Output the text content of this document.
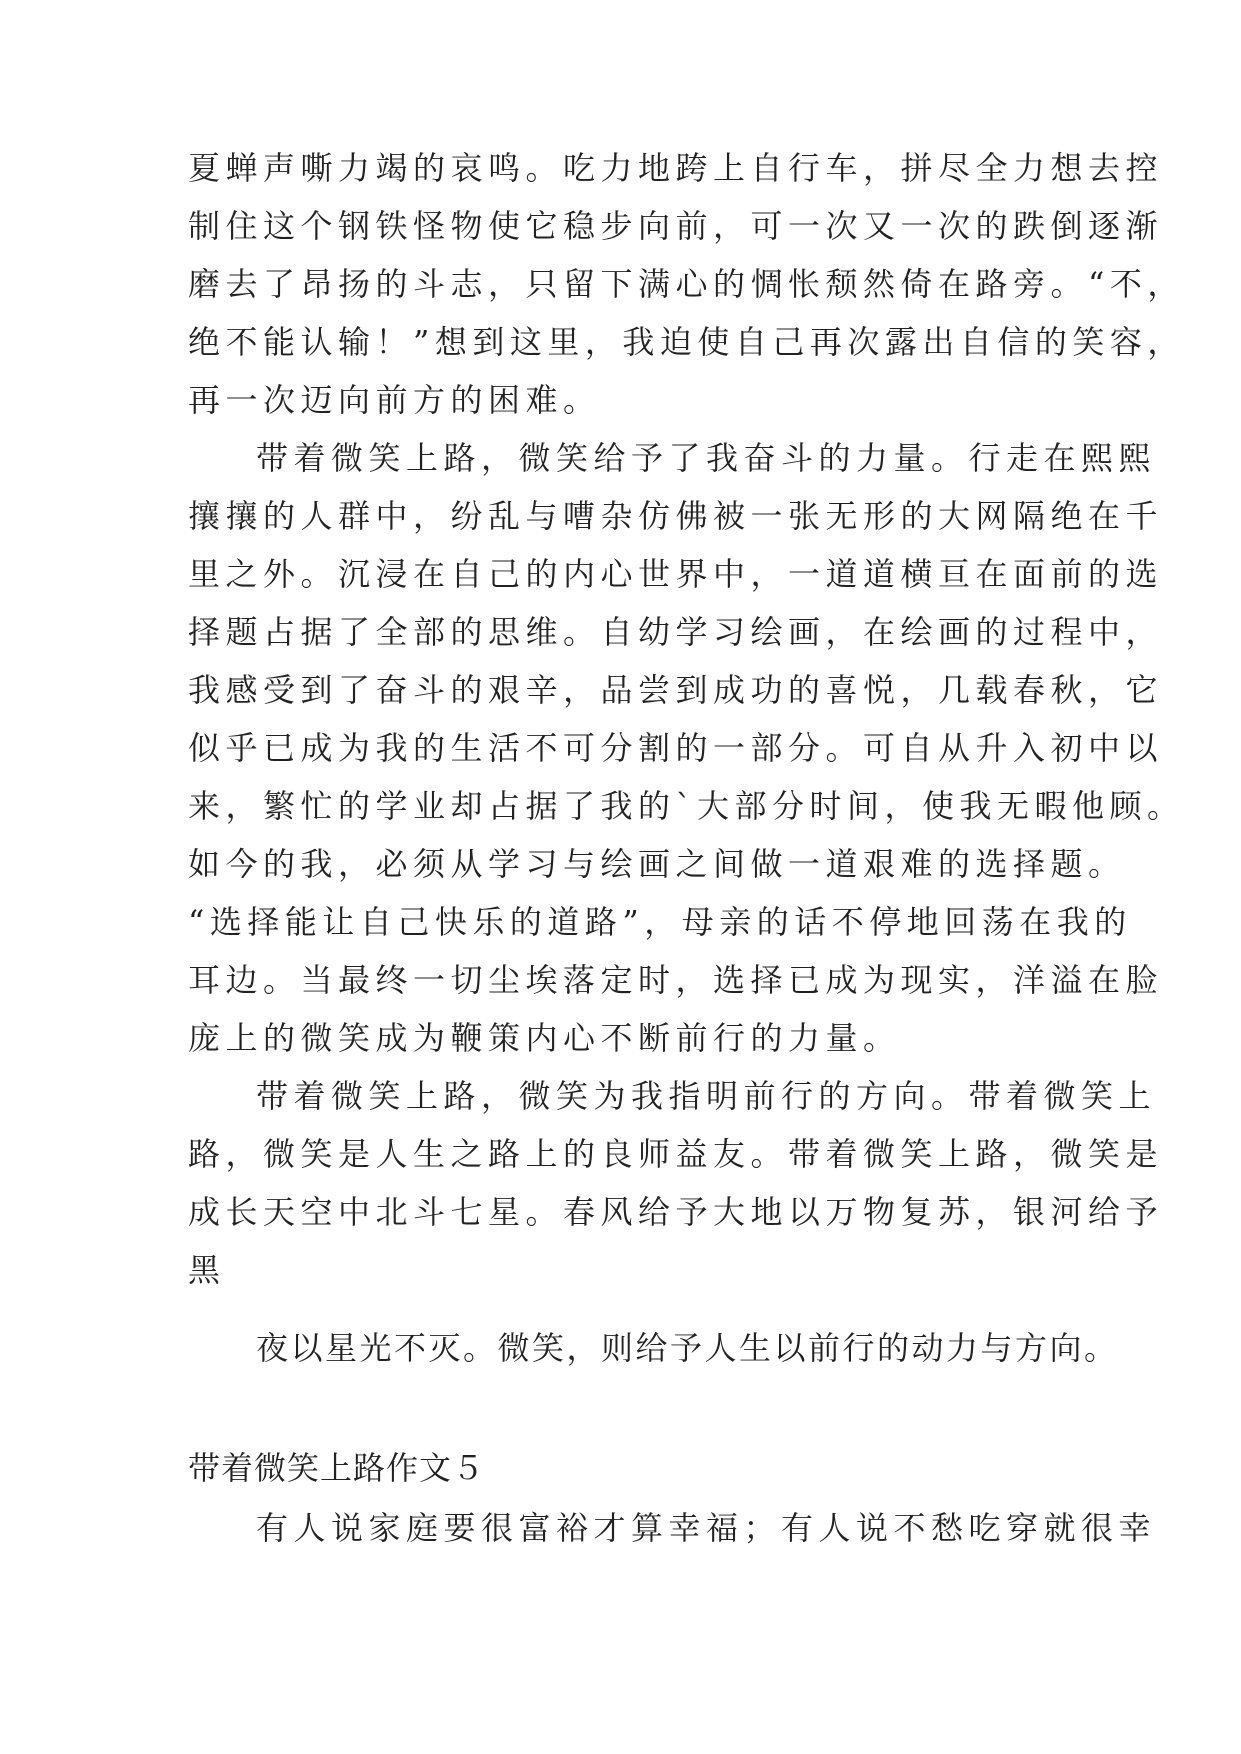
夏蝉声嘶力竭的哀鸣。吃力地跨上自行车，拼尽全力想去控
制住这个钢铁怪物使它稳步向前，可一次又一次的跌倒逐渐
磨去了昂扬的斗志，只留下满心的惆怅颓然倚在路旁。“不，
绝不能认输！”想到这里，我迫使自己再次露出自信的笑容，
再一次迈向前方的困难。
带着微笑上路，微笑给予了我奋斗的力量。行走在熙熙
攘攘的人群中，纷乱与嘈杂仿佛被一张无形的大网隔绝在千
里之外。沉浸在自己的内心世界中，一道道横亘在面前的选
择题占据了全部的思维。自幼学习绘画，在绘画的过程中，
我感受到了奋斗的艰辛，品尝到成功的喜悦，几载春秋，它
似乎已成为我的生活不可分割的一部分。可自从升入初中以
来，繁忙的学业却占据了我的`大部分时间，使我无暇他顾。
如今的我，必须从学习与绘画之间做一道艰难的选择题。
“选择能让自己快乐的道路”，母亲的话不停地回荡在我的
耳边。当最终一切尘埃落定时，选择已成为现实，洋溢在脸
庞上的微笑成为鞭策内心不断前行的力量。
带着微笑上路，微笑为我指明前行的方向。带着微笑上
路，微笑是人生之路上的良师益友。带着微笑上路，微笑是
成长天空中北斗七星。春风给予大地以万物复苏，银河给予
黑
夜以星光不灭。微笑，则给予人生以前行的动力与方向。
带着微笑上路作文５
有人说家庭要很富裕才算幸福；有人说不愁吃穿就很幸
